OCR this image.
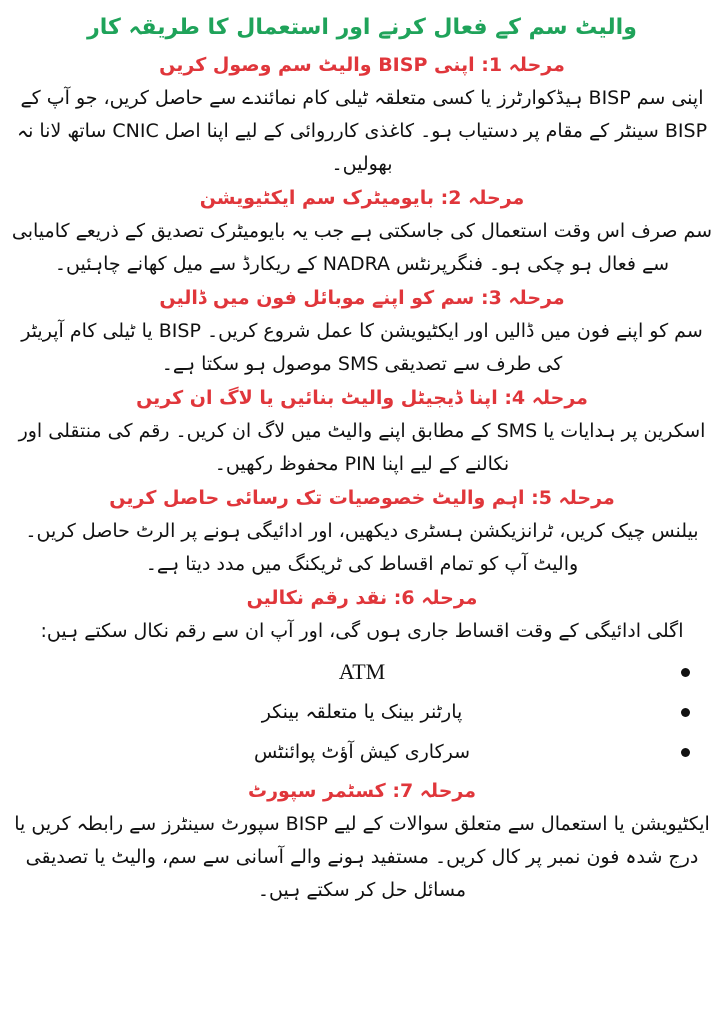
والیٹ سم کے فعال کرنے اور استعمال کا طریقہ کار
مرحلہ 1: اپنی BISP والیٹ سم وصول کریں

اپنی سم BISP ہیڈکوارٹرز یا کسی متعلقہ ٹیلی کام نمائندے سے حاصل کریں، جو آپ کے BISP سینٹر کے مقام پر دستیاب ہو۔ کاغذی کارروائی کے لیے اپنا اصل CNIC ساتھ لانا نہ بھولیں۔

مرحلہ 2: بایومیٹرک سم ایکٹیویشن

سم صرف اس وقت استعمال کی جاسکتی ہے جب یہ بایومیٹرک تصدیق کے ذریعے کامیابی سے فعال ہو چکی ہو۔ فنگرپرنٹس NADRA کے ریکارڈ سے میل کھانے چاہئیں۔

مرحلہ 3: سم کو اپنے موبائل فون میں ڈالیں

سم کو اپنے فون میں ڈالیں اور ایکٹیویشن کا عمل شروع کریں۔ BISP یا ٹیلی کام آپریٹر کی طرف سے تصدیقی SMS موصول ہو سکتا ہے۔

مرحلہ 4: اپنا ڈیجیٹل والیٹ بنائیں یا لاگ ان کریں

اسکرین پر ہدایات یا SMS کے مطابق اپنے والیٹ میں لاگ ان کریں۔ رقم کی منتقلی اور نکالنے کے لیے اپنا PIN محفوظ رکھیں۔

مرحلہ 5: اہم والیٹ خصوصیات تک رسائی حاصل کریں

بیلنس چیک کریں، ٹرانزیکشن ہسٹری دیکھیں، اور ادائیگی ہونے پر الرٹ حاصل کریں۔ والیٹ آپ کو تمام اقساط کی ٹریکنگ میں مدد دیتا ہے۔

مرحلہ 6: نقد رقم نکالیں

اگلی ادائیگی کے وقت اقساط جاری ہوں گی، اور آپ ان سے رقم نکال سکتے ہیں:

ATM
پارٹنر بینک یا متعلقہ بینکر
سرکاری کیش آؤٹ پوائنٹس
مرحلہ 7: کسٹمر سپورٹ

ایکٹیویشن یا استعمال سے متعلق سوالات کے لیے BISP سپورٹ سینٹرز سے رابطہ کریں یا درج شدہ فون نمبر پر کال کریں۔ مستفید ہونے والے آسانی سے سم، والیٹ یا تصدیقی مسائل حل کر سکتے ہیں۔
